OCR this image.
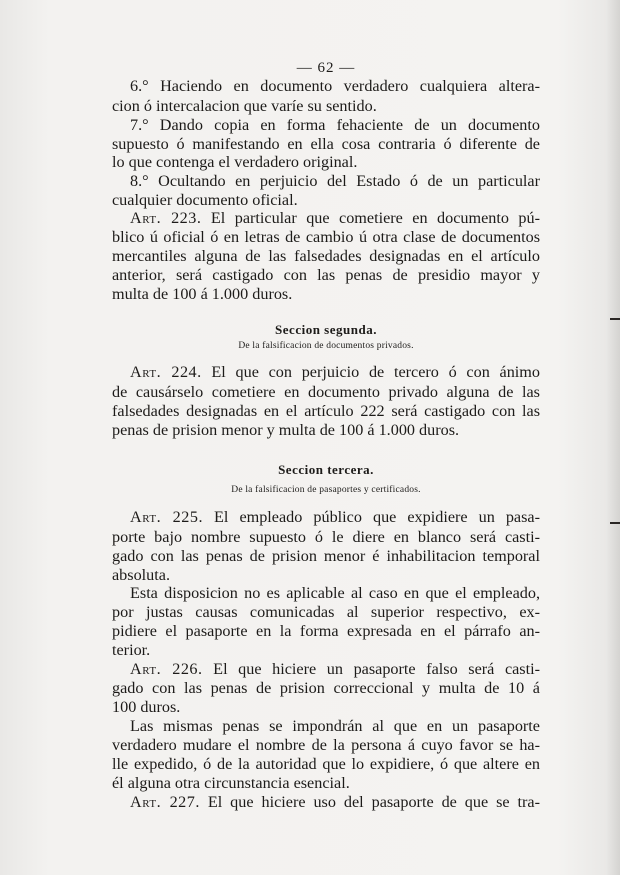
— 62 —
6.° Haciendo en documento verdadero cualquiera altera-
cion ó intercalacion que varíe su sentido.
7.° Dando copia en forma fehaciente de un documento
supuesto ó manifestando en ella cosa contraria ó diferente de
lo que contenga el verdadero original.
8.° Ocultando en perjuicio del Estado ó de un particular
cualquier documento oficial.
Art. 223. El particular que cometiere en documento pú-
blico ú oficial ó en letras de cambio ú otra clase de documentos
mercantiles alguna de las falsedades designadas en el artículo
anterior, será castigado con las penas de presidio mayor y
multa de 100 á 1.000 duros.
Seccion segunda.
De la falsificacion de documentos privados.
Art. 224. El que con perjuicio de tercero ó con ánimo
de causárselo cometiere en documento privado alguna de las
falsedades designadas en el artículo 222 será castigado con las
penas de prision menor y multa de 100 á 1.000 duros.
Seccion tercera.
De la falsificacion de pasaportes y certificados.
Art. 225. El empleado público que expidiere un pasa-
porte bajo nombre supuesto ó le diere en blanco será casti-
gado con las penas de prision menor é inhabilitacion temporal
absoluta.
Esta disposicion no es aplicable al caso en que el empleado,
por justas causas comunicadas al superior respectivo, ex-
pidiere el pasaporte en la forma expresada en el párrafo an-
terior.
Art. 226. El que hiciere un pasaporte falso será casti-
gado con las penas de prision correccional y multa de 10 á
100 duros.
Las mismas penas se impondrán al que en un pasaporte
verdadero mudare el nombre de la persona á cuyo favor se ha-
lle expedido, ó de la autoridad que lo expidiere, ó que altere en
él alguna otra circunstancia esencial.
Art. 227. El que hiciere uso del pasaporte de que se tra-
